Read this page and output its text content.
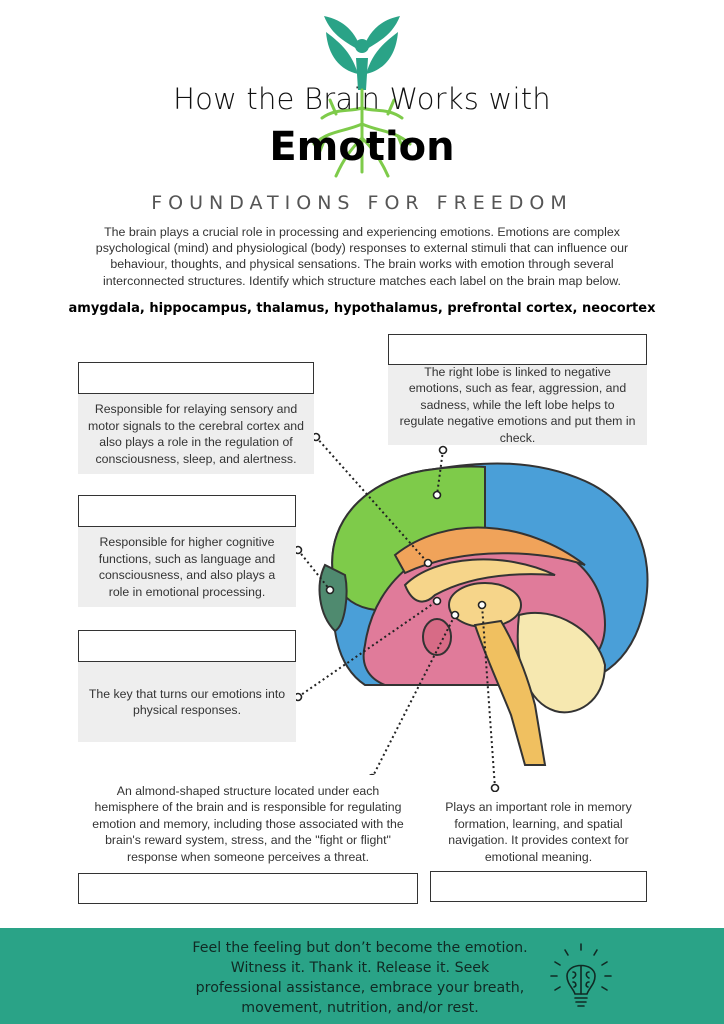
How the Brain Works with
Emotion
FOUNDATIONS FOR FREEDOM
The brain plays a crucial role in processing and experiencing emotions. Emotions are complex psychological (mind) and physiological (body) responses to external stimuli that can influence our behaviour, thoughts, and physical sensations. The brain works with emotion through several interconnected structures. Identify which structure matches each label on the brain map below.
amygdala, hippocampus, thalamus, hypothalamus, prefrontal cortex, neocortex
The right lobe is linked to negative emotions, such as fear, aggression, and sadness, while the left lobe helps to regulate negative emotions and put them in check.
Responsible for relaying sensory and motor signals to the cerebral cortex and also plays a role in the regulation of consciousness, sleep, and alertness.
Responsible for higher cognitive functions, such as language and consciousness, and also plays a role in emotional processing.
The key that turns our emotions into physical responses.
An almond-shaped structure located under each hemisphere of the brain and is responsible for regulating emotion and memory, including those associated with the brain's reward system, stress, and the "fight or flight" response when someone perceives a threat.
Plays an important role in memory formation, learning, and spatial navigation. It provides context for emotional meaning.
Feel the feeling but don’t become the emotion. Witness it. Thank it. Release it. Seek professional assistance, embrace your breath, movement, nutrition, and/or rest.
